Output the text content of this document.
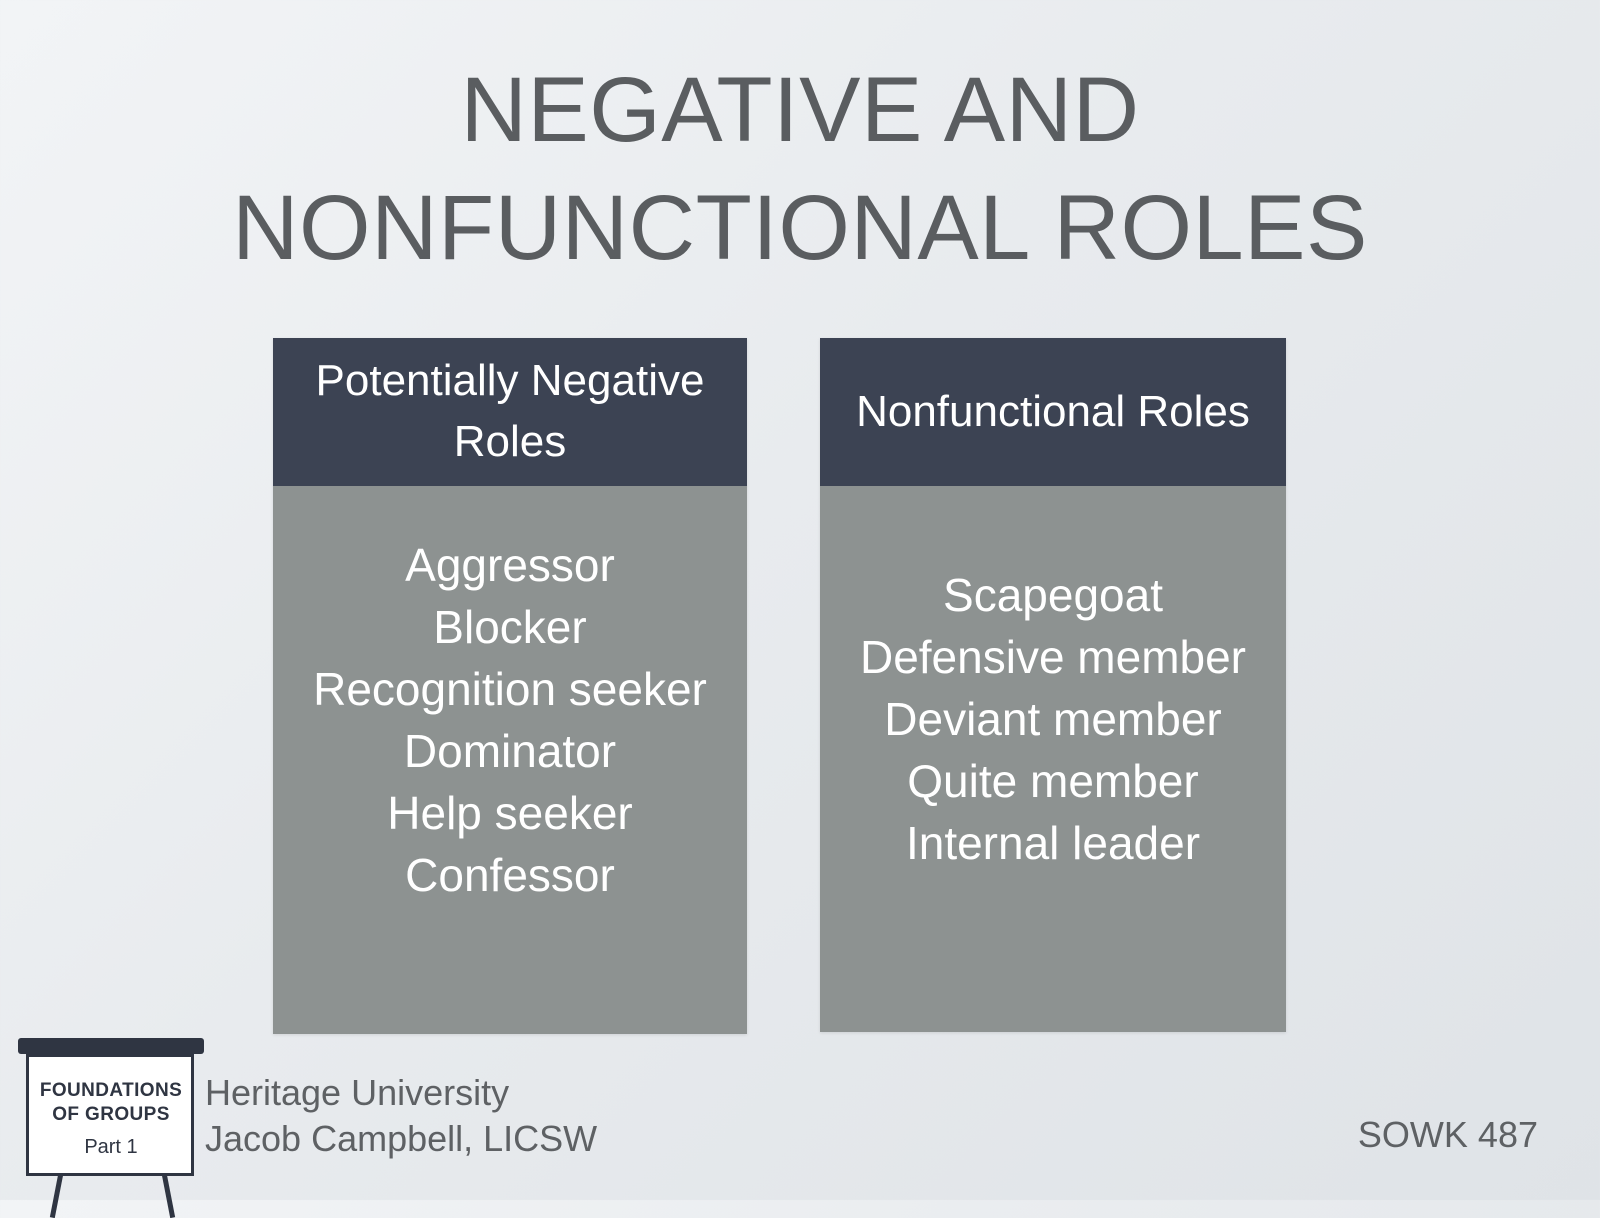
NEGATIVE AND NONFUNCTIONAL ROLES
Potentially Negative Roles
Aggressor
Blocker
Recognition seeker
Dominator
Help seeker
Confessor
Nonfunctional Roles
Scapegoat
Defensive member
Deviant member
Quite member
Internal leader
FOUNDATIONS
OF GROUPS
Part 1
Heritage University
Jacob Campbell, LICSW	SOWK 487
